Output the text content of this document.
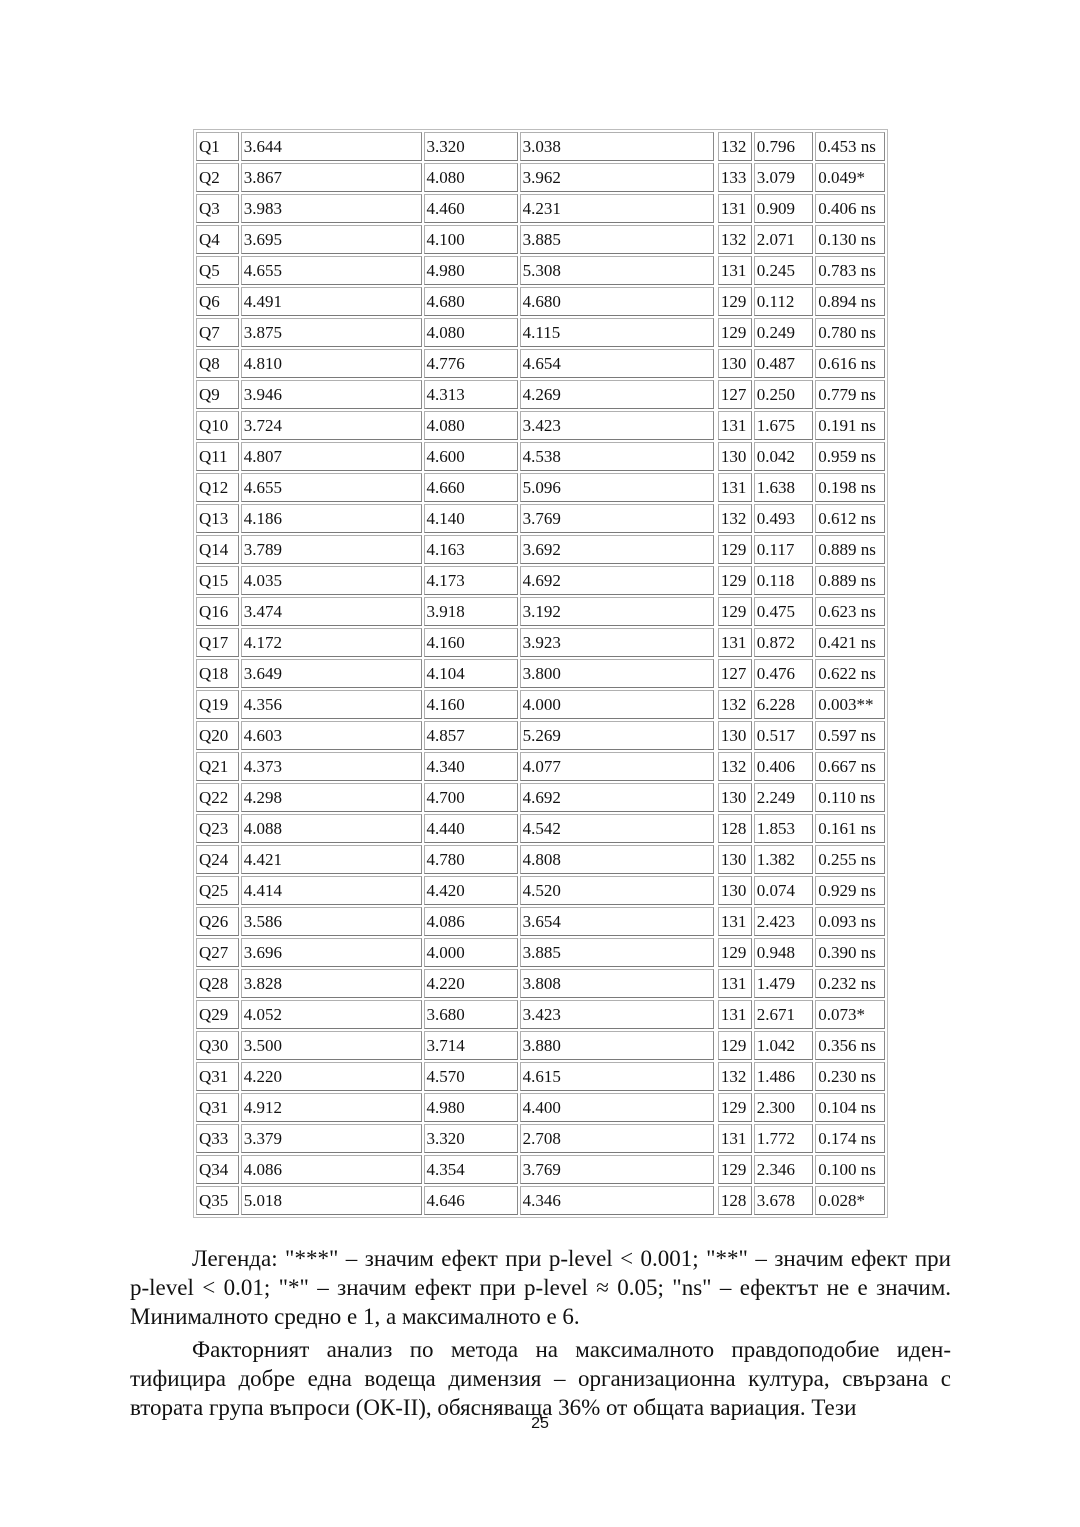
Q1	3.644	3.320	3.038		132	0.796	0.453 ns
Q2	3.867	4.080	3.962		133	3.079	0.049*
Q3	3.983	4.460	4.231		131	0.909	0.406 ns
Q4	3.695	4.100	3.885		132	2.071	0.130 ns
Q5	4.655	4.980	5.308		131	0.245	0.783 ns
Q6	4.491	4.680	4.680		129	0.112	0.894 ns
Q7	3.875	4.080	4.115		129	0.249	0.780 ns
Q8	4.810	4.776	4.654		130	0.487	0.616 ns
Q9	3.946	4.313	4.269		127	0.250	0.779 ns
Q10	3.724	4.080	3.423		131	1.675	0.191 ns
Q11	4.807	4.600	4.538		130	0.042	0.959 ns
Q12	4.655	4.660	5.096		131	1.638	0.198 ns
Q13	4.186	4.140	3.769		132	0.493	0.612 ns
Q14	3.789	4.163	3.692		129	0.117	0.889 ns
Q15	4.035	4.173	4.692		129	0.118	0.889 ns
Q16	3.474	3.918	3.192		129	0.475	0.623 ns
Q17	4.172	4.160	3.923		131	0.872	0.421 ns
Q18	3.649	4.104	3.800		127	0.476	0.622 ns
Q19	4.356	4.160	4.000		132	6.228	0.003**
Q20	4.603	4.857	5.269		130	0.517	0.597 ns
Q21	4.373	4.340	4.077		132	0.406	0.667 ns
Q22	4.298	4.700	4.692		130	2.249	0.110 ns
Q23	4.088	4.440	4.542		128	1.853	0.161 ns
Q24	4.421	4.780	4.808		130	1.382	0.255 ns
Q25	4.414	4.420	4.520		130	0.074	0.929 ns
Q26	3.586	4.086	3.654		131	2.423	0.093 ns
Q27	3.696	4.000	3.885		129	0.948	0.390 ns
Q28	3.828	4.220	3.808		131	1.479	0.232 ns
Q29	4.052	3.680	3.423		131	2.671	0.073*
Q30	3.500	3.714	3.880		129	1.042	0.356 ns
Q31	4.220	4.570	4.615		132	1.486	0.230 ns
Q31	4.912	4.980	4.400		129	2.300	0.104 ns
Q33	3.379	3.320	2.708		131	1.772	0.174 ns
Q34	4.086	4.354	3.769		129	2.346	0.100 ns
Q35	5.018	4.646	4.346		128	3.678	0.028*

Легенда: "***" – значим ефект при p-level < 0.001; "**" – значим ефект при p-level < 0.01; "*" – значим ефект при p-level ≈ 0.05; "ns" – ефектът не е значим. Минималното средно е 1, а максималното е 6.

Факторният анализ по метода на максималното правдоподобие иден-тифицира добре една водеща димензия – организационна култура, свързана с втората група въпроси (ОК-II), обясняваща 36% от общата вариация. Тези

25
